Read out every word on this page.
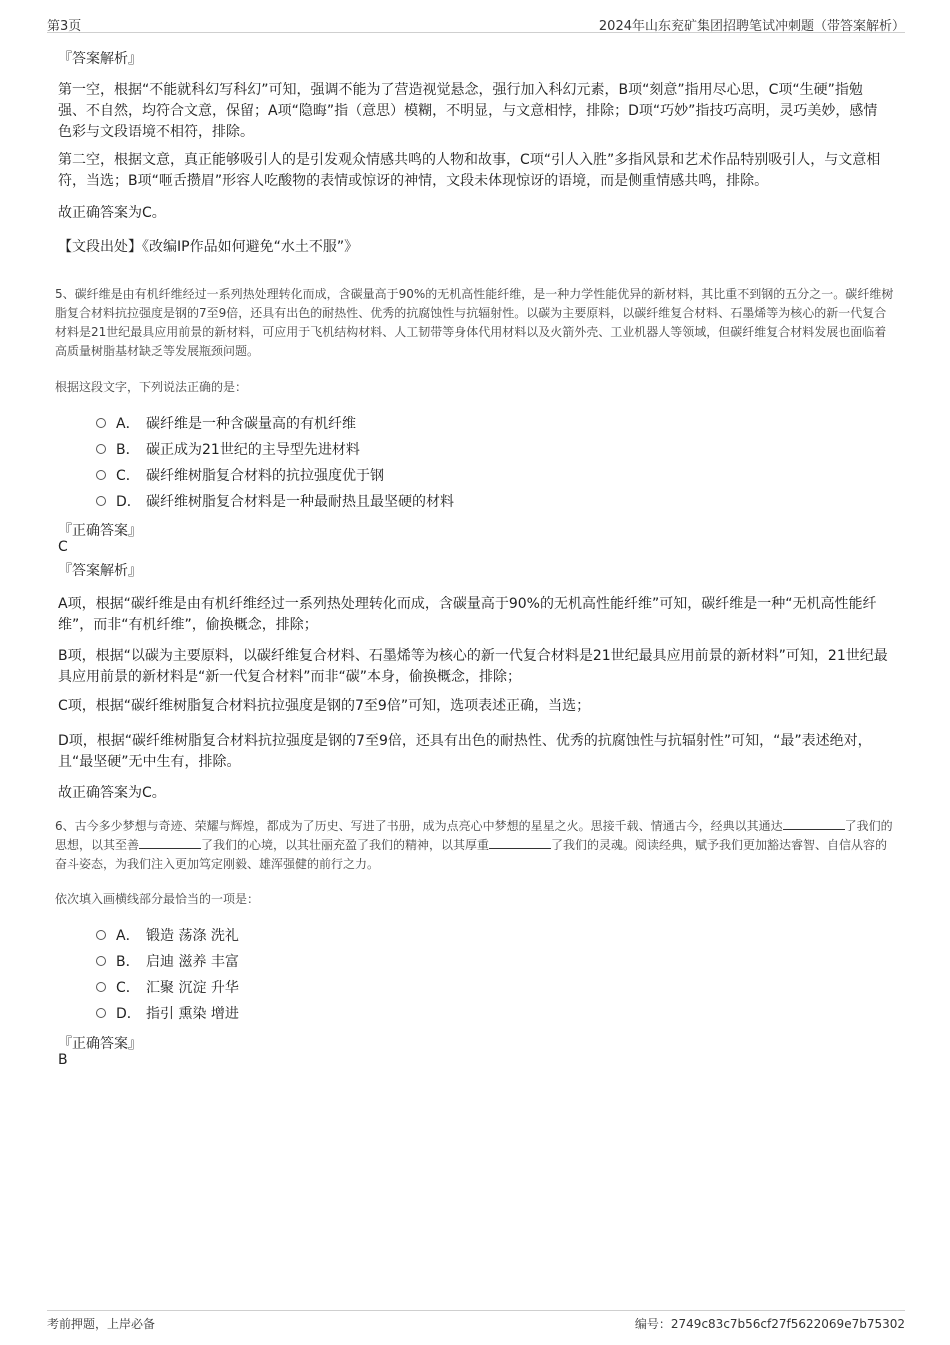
第3页	2024年山东兖矿集团招聘笔试冲刺题（带答案解析）
『答案解析』
第一空，根据“不能就科幻写科幻”可知，强调不能为了营造视觉悬念，强行加入科幻元素，B项“刻意”指用尽心思，C项“生硬”指勉强、不自然，均符合文意，保留；A项“隐晦”指（意思）模糊，不明显，与文意相悖，排除；D项“巧妙”指技巧高明，灵巧美妙，感情色彩与文段语境不相符，排除。
第二空，根据文意，真正能够吸引人的是引发观众情感共鸣的人物和故事，C项“引人入胜”多指风景和艺术作品特别吸引人，与文意相符，当选；B项“咂舌攒眉”形容人吃酸物的表情或惊讶的神情，文段未体现惊讶的语境，而是侧重情感共鸣，排除。
故正确答案为C。
【文段出处】《改编IP作品如何避免“水土不服”》
5、碳纤维是由有机纤维经过一系列热处理转化而成，含碳量高于90%的无机高性能纤维，是一种力学性能优异的新材料，其比重不到钢的五分之一。碳纤维树脂复合材料抗拉强度是钢的7至9倍，还具有出色的耐热性、优秀的抗腐蚀性与抗辐射性。以碳为主要原料，以碳纤维复合材料、石墨烯等为核心的新一代复合材料是21世纪最具应用前景的新材料，可应用于飞机结构材料、人工韧带等身体代用材料以及火箭外壳、工业机器人等领域，但碳纤维复合材料发展也面临着高质量树脂基材缺乏等发展瓶颈问题。
根据这段文字，下列说法正确的是：
A． 碳纤维是一种含碳量高的有机纤维
B． 碳正成为21世纪的主导型先进材料
C． 碳纤维树脂复合材料的抗拉强度优于钢
D． 碳纤维树脂复合材料是一种最耐热且最坚硬的材料
『正确答案』
C
『答案解析』
A项，根据“碳纤维是由有机纤维经过一系列热处理转化而成，含碳量高于90%的无机高性能纤维”可知，碳纤维是一种“无机高性能纤维”，而非“有机纤维”，偷换概念，排除；
B项，根据“以碳为主要原料，以碳纤维复合材料、石墨烯等为核心的新一代复合材料是21世纪最具应用前景的新材料”可知，21世纪最具应用前景的新材料是“新一代复合材料”而非“碳”本身，偷换概念，排除；
C项，根据“碳纤维树脂复合材料抗拉强度是钢的7至9倍”可知，选项表述正确，当选；
D项，根据“碳纤维树脂复合材料抗拉强度是钢的7至9倍，还具有出色的耐热性、优秀的抗腐蚀性与抗辐射性”可知，“最”表述绝对，且“最坚硬”无中生有，排除。
故正确答案为C。
6、古今多少梦想与奇迹、荣耀与辉煌，都成为了历史、写进了书册，成为点亮心中梦想的星星之火。思接千载、情通古今，经典以其通达	了我们的思想，以其至善	了我们的心境，以其壮丽充盈了我们的精神，以其厚重	了我们的灵魂。阅读经典，赋予我们更加豁达睿智、自信从容的奋斗姿态，为我们注入更加笃定刚毅、雄浑强健的前行之力。
依次填入画横线部分最恰当的一项是：
A． 锻造 荡涤 洗礼
B． 启迪 滋养 丰富
C． 汇聚 沉淀 升华
D． 指引 熏染 增进
『正确答案』
B
考前押题，上岸必备	编号：2749c83c7b56cf27f5622069e7b75302
